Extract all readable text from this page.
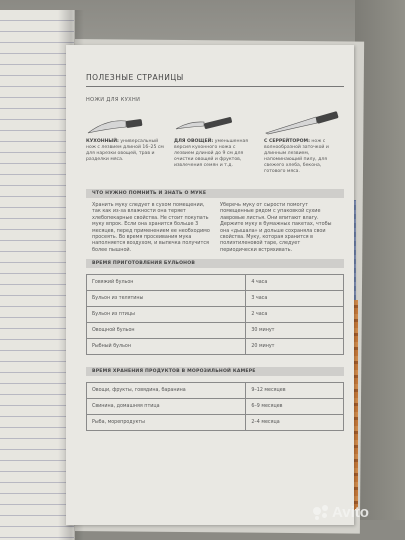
ПОЛЕЗНЫЕ СТРАНИЦЫ
НОЖИ ДЛЯ КУХНИ
КУХОННЫЙ: универсальный нож с лезвием длиной 16–25 см для нарезки овощей, трав и разделки мяса.
ДЛЯ ОВОЩЕЙ: уменьшенная версия кухонного ножа с лезвием длиной до 9 см для очистки овощей и фруктов, извлечения семян и т.д.
С СЕРРЕЙТОРОМ: нож с волнообразной заточкой и длинным лезвием, напоминающий пилу, для свежего хлеба, бекона, готового мяса.
ЧТО НУЖНО ПОМНИТЬ И ЗНАТЬ О МУКЕ

Хранить муку следует в сухом помещении, так как из-за влажности она теряет хлебопекарные свойства. Не стоит покупать муку впрок. Если она хранится больше 3 месяцев, перед применением ее необходимо просеять. Во время просеивания мука наполняется воздухом, и выпечка получится более пышной.

Уберечь муку от сырости помогут помещенные рядом с упаковкой сухие лавровые листья. Они впитают влагу. Держите муку в бумажных пакетах, чтобы она «дышала» и дольше сохраняла свои свойства. Муку, которая хранится в полиэтиленовой таре, следует периодически встряхивать.

ВРЕМЯ ПРИГОТОВЛЕНИЯ БУЛЬОНОВ
Говяжий бульон	4 часа
Бульон из телятины	3 часа
Бульон из птицы	2 часа
Овощной бульон	30 минут
Рыбный бульон	20 минут
ВРЕМЯ ХРАНЕНИЯ ПРОДУКТОВ В МОРОЗИЛЬНОЙ КАМЕРЕ
Овощи, фрукты, говядина, баранина	9–12 месяцев
Свинина, домашняя птица	6–9 месяцев
Рыба, морепродукты	2–4 месяца
Avito
